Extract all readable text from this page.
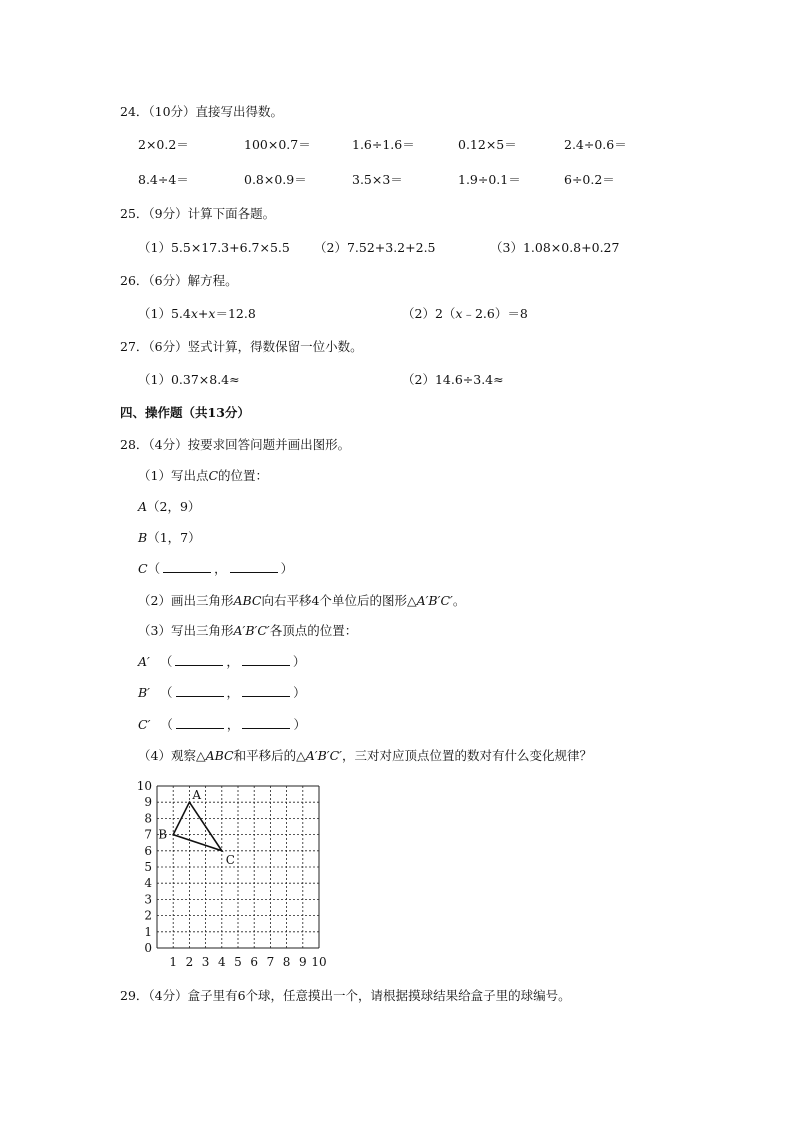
24．（10分）直接写出得数。
2×0.2＝	100×0.7＝	1.6÷1.6＝	0.12×5＝	2.4÷0.6＝
8.4÷4＝	0.8×0.9＝	3.5×3＝	1.9÷0.1＝	6÷0.2＝
25．（9分）计算下面各题。
（1）5.5×17.3+6.7×5.5 （2）7.52+3.2+2.5	（3）1.08×0.8+0.27
26．（6分）解方程。
（1）5.4x+x＝12.8	（2）2（x﹣2.6）＝8
27．（6分）竖式计算，得数保留一位小数。
（1）0.37×8.4≈	（2）14.6÷3.4≈
四、操作题（共13分）
28．（4分）按要求回答问题并画出图形。
（1）写出点C的位置：
A（2，9）
B（1，7）
C（	，	）
（2）画出三角形ABC向右平移4个单位后的图形△A′B′C′。
（3）写出三角形A′B′C′各顶点的位置：
A′ （	，	）
B′ （	，	）
C′ （	，	）
（4）观察△ABC和平移后的△A′B′C′，三对对应顶点位置的数对有什么变化规律？
0
1
2
3
4
5
6
7
8
9
10
1 2 3 4 5 6 7 8 9 10
A
B
C
29．（4分）盒子里有6个球，任意摸出一个，请根据摸球结果给盒子里的球编号。
